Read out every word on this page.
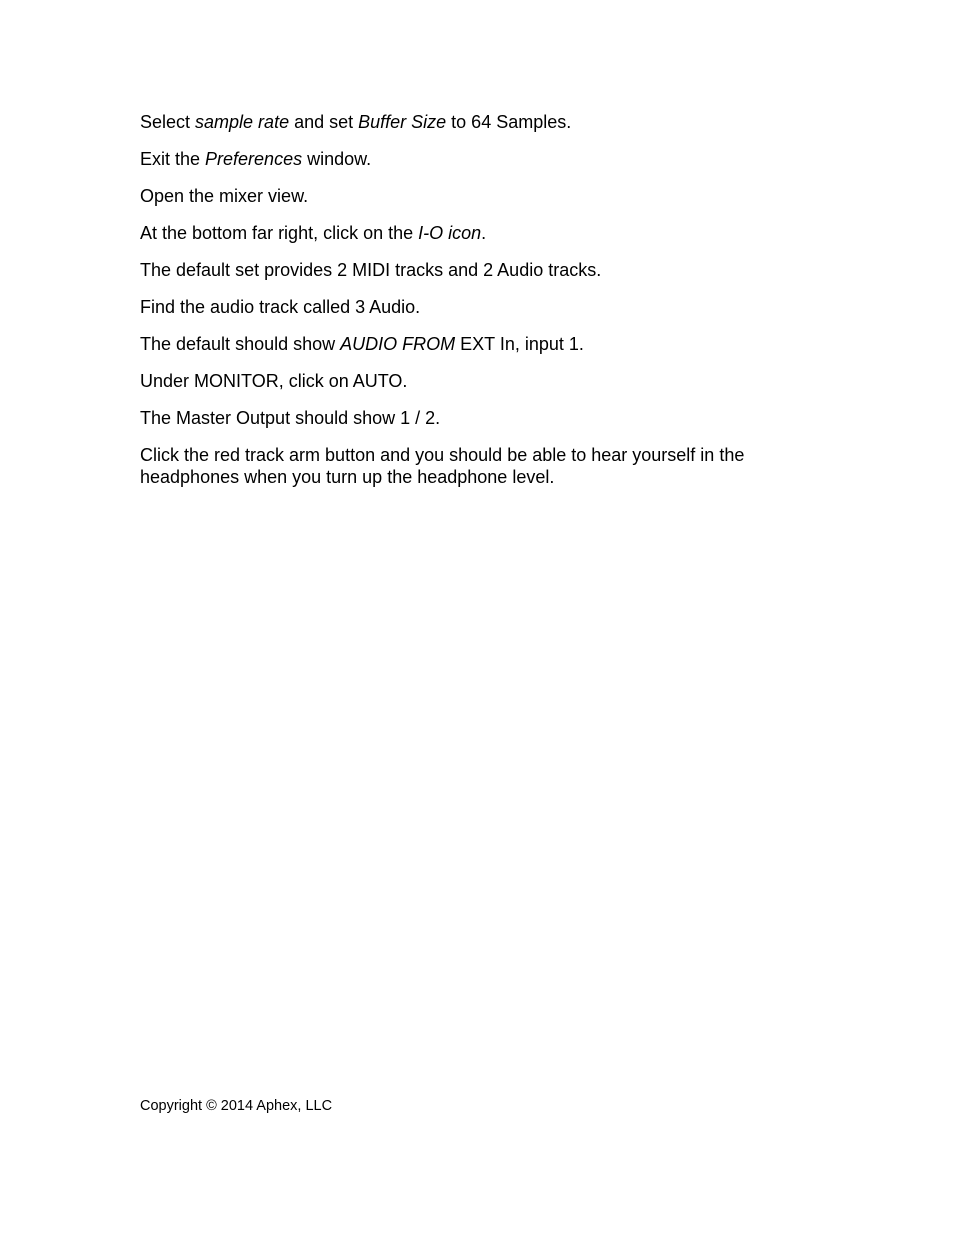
Select sample rate and set Buffer Size to 64 Samples.

Exit the Preferences window.

Open the mixer view.

At the bottom far right, click on the I-O icon.

The default set provides 2 MIDI tracks and 2 Audio tracks.

Find the audio track called 3 Audio.

The default should show AUDIO FROM EXT In, input 1.

Under MONITOR, click on AUTO.

The Master Output should show 1 / 2.

Click the red track arm button and you should be able to hear yourself in the headphones when you turn up the headphone level.

Copyright © 2014 Aphex, LLC
